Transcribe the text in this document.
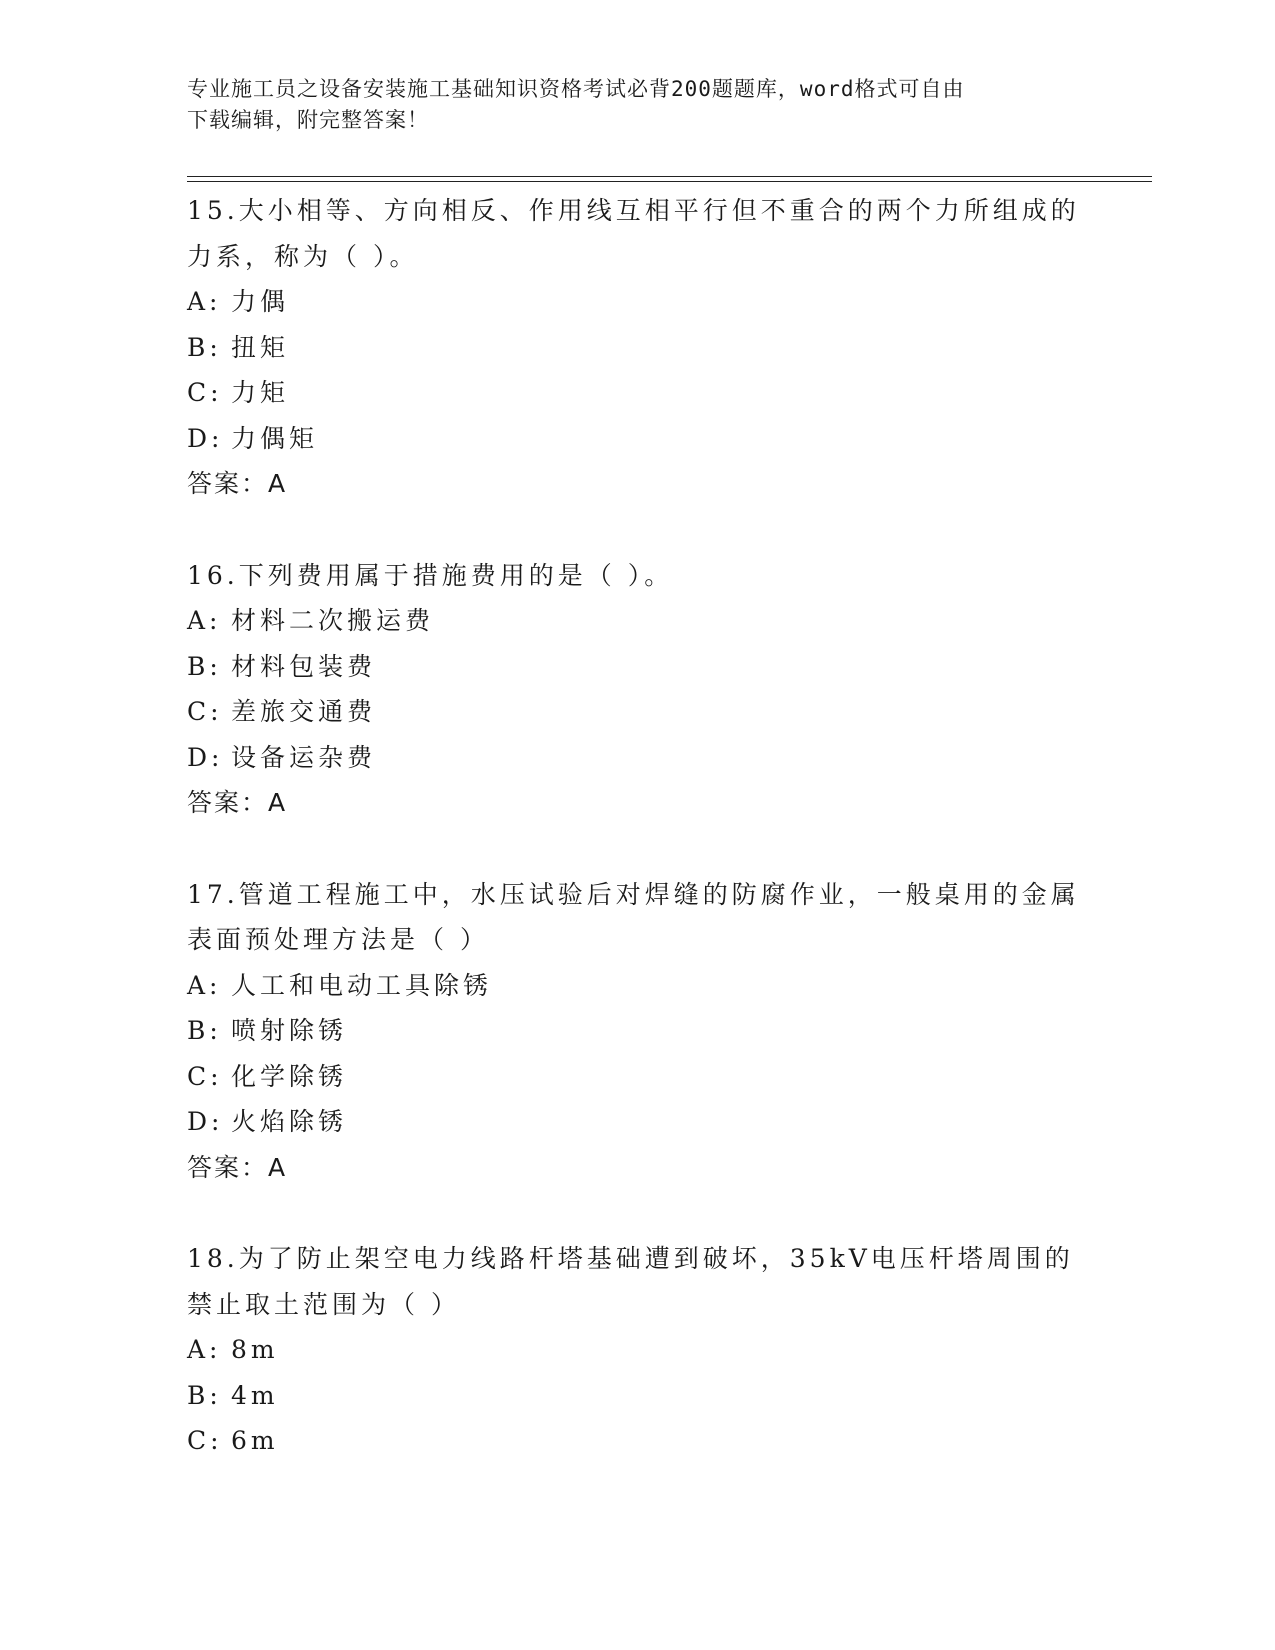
专业施工员之设备安装施工基础知识资格考试必背200题题库，word格式可自由
下载编辑，附完整答案！
15.大小相等、方向相反、作用线互相平行但不重合的两个力所组成的力系，称为（ ）。
A: 力偶
B: 扭矩
C: 力矩
D: 力偶矩
答案：A
16.下列费用属于措施费用的是（ ）。
A: 材料二次搬运费
B: 材料包装费
C: 差旅交通费
D: 设备运杂费
答案：A
17.管道工程施工中，水压试验后对焊缝的防腐作业，一般桌用的金属表面预处理方法是（ ）
A: 人工和电动工具除锈
B: 喷射除锈
C: 化学除锈
D: 火焰除锈
答案：A
18.为了防止架空电力线路杆塔基础遭到破坏，35kV电压杆塔周围的禁止取土范围为（ ）
A: 8m
B: 4m
C: 6m
